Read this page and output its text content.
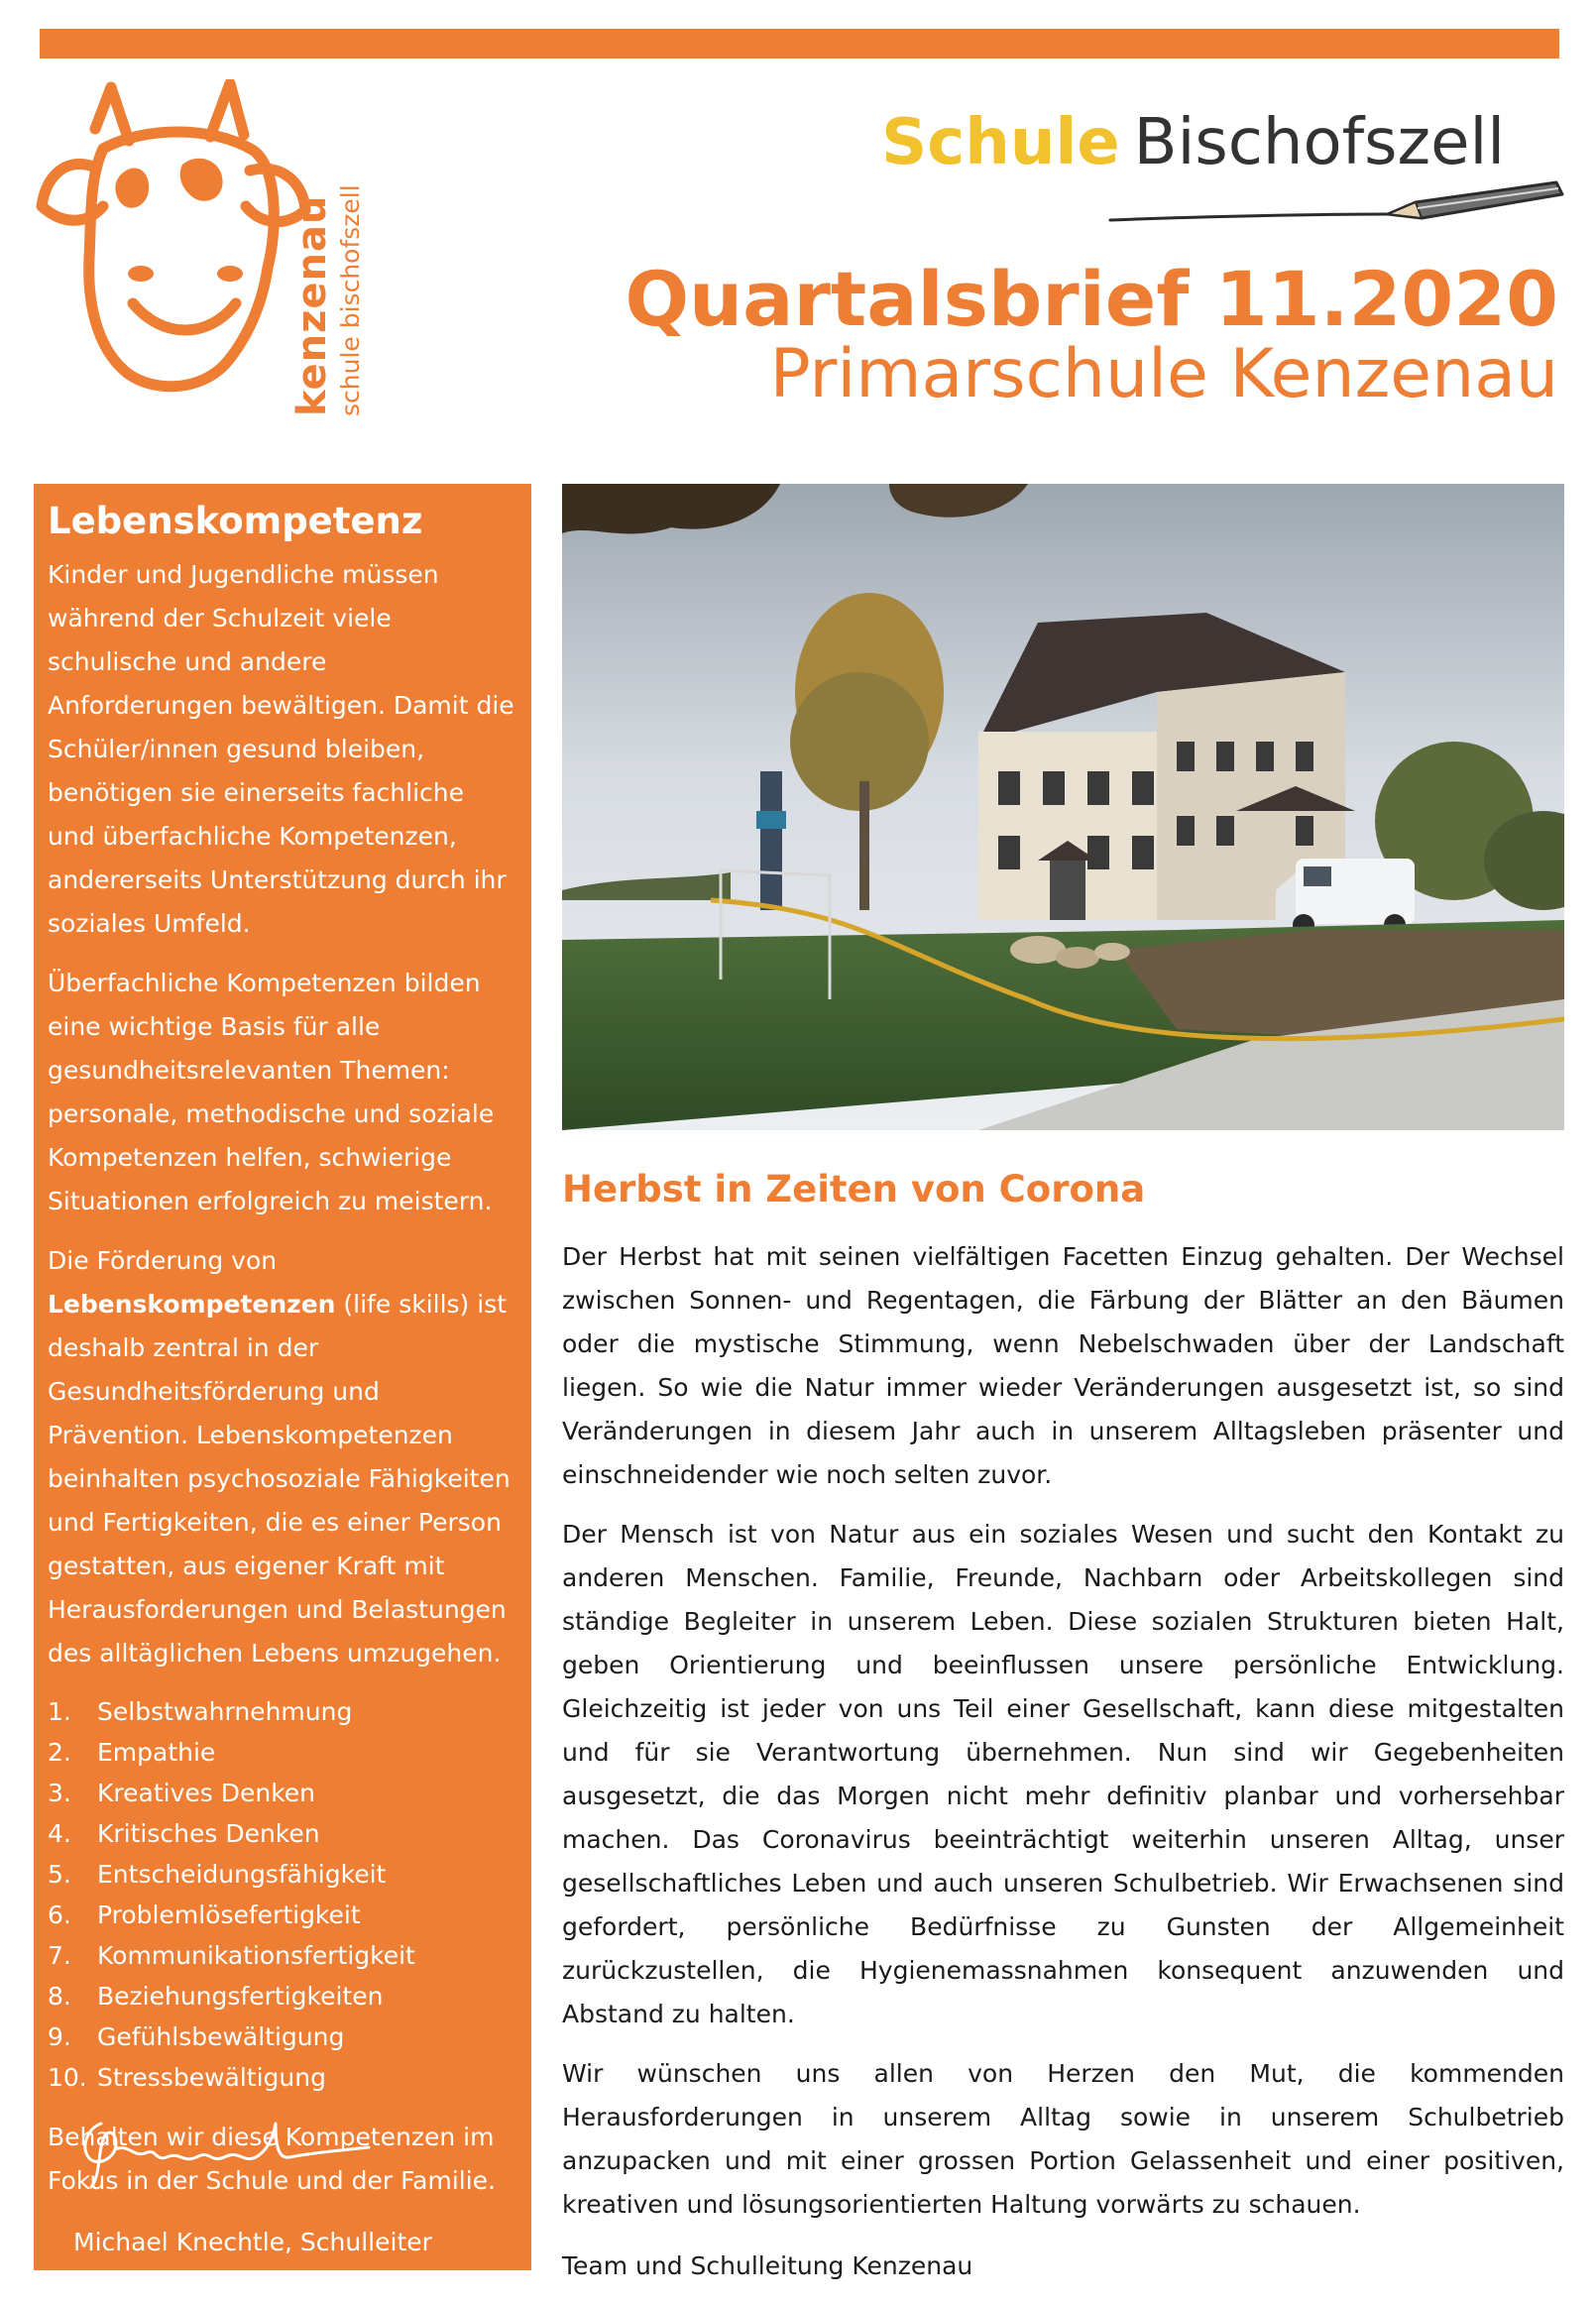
kenzenau schule bischofszell
Schule Bischofszell
Quartalsbrief 11.2020
Primarschule Kenzenau
Lebenskompetenz

Kinder und Jugendliche müssen während der Schulzeit viele schulische und andere Anforderungen bewältigen. Damit die Schüler/innen gesund bleiben, benötigen sie einerseits fachliche und überfachliche Kompetenzen, andererseits Unterstützung durch ihr soziales Umfeld.

Überfachliche Kompetenzen bilden eine wichtige Basis für alle gesundheitsrelevanten Themen: personale, methodische und soziale Kompetenzen helfen, schwierige Situationen erfolgreich zu meistern.

Die Förderung von Lebenskompetenzen (life skills) ist deshalb zentral in der Gesundheitsförderung und Prävention. Lebenskompetenzen beinhalten psychosoziale Fähigkeiten und Fertigkeiten, die es einer Person gestatten, aus eigener Kraft mit Herausforderungen und Belastungen des alltäglichen Lebens umzugehen.

1. Selbstwahrnehmung
2. Empathie
3. Kreatives Denken
4. Kritisches Denken
5. Entscheidungsfähigkeit
6. Problemlösefertigkeit
7. Kommunikationsfertigkeit
8. Beziehungsfertigkeiten
9. Gefühlsbewältigung
10. Stressbewältigung

Behalten wir diese Kompetenzen im Fokus in der Schule und der Familie.

Michael Knechtle, Schulleiter
Herbst in Zeiten von Corona

Der Herbst hat mit seinen vielfältigen Facetten Einzug gehalten. Der Wechsel zwischen Sonnen- und Regentagen, die Färbung der Blätter an den Bäumen oder die mystische Stimmung, wenn Nebelschwaden über der Landschaft liegen. So wie die Natur immer wieder Veränderungen ausgesetzt ist, so sind Veränderungen in diesem Jahr auch in unserem Alltagsleben präsenter und einschneidender wie noch selten zuvor.

Der Mensch ist von Natur aus ein soziales Wesen und sucht den Kontakt zu anderen Menschen. Familie, Freunde, Nachbarn oder Arbeitskollegen sind ständige Begleiter in unserem Leben. Diese sozialen Strukturen bieten Halt, geben Orientierung und beeinflussen unsere persönliche Entwicklung. Gleichzeitig ist jeder von uns Teil einer Gesellschaft, kann diese mitgestalten und für sie Verantwortung übernehmen. Nun sind wir Gegebenheiten ausgesetzt, die das Morgen nicht mehr definitiv planbar und vorhersehbar machen. Das Coronavirus beeinträchtigt weiterhin unseren Alltag, unser gesellschaftliches Leben und auch unseren Schulbetrieb. Wir Erwachsenen sind gefordert, persönliche Bedürfnisse zu Gunsten der Allgemeinheit zurückzustellen, die Hygienemassnahmen konsequent anzuwenden und Abstand zu halten.

Wir wünschen uns allen von Herzen den Mut, die kommenden Herausforderungen in unserem Alltag sowie in unserem Schulbetrieb anzupacken und mit einer grossen Portion Gelassenheit und einer positiven, kreativen und lösungsorientierten Haltung vorwärts zu schauen.

Team und Schulleitung Kenzenau
